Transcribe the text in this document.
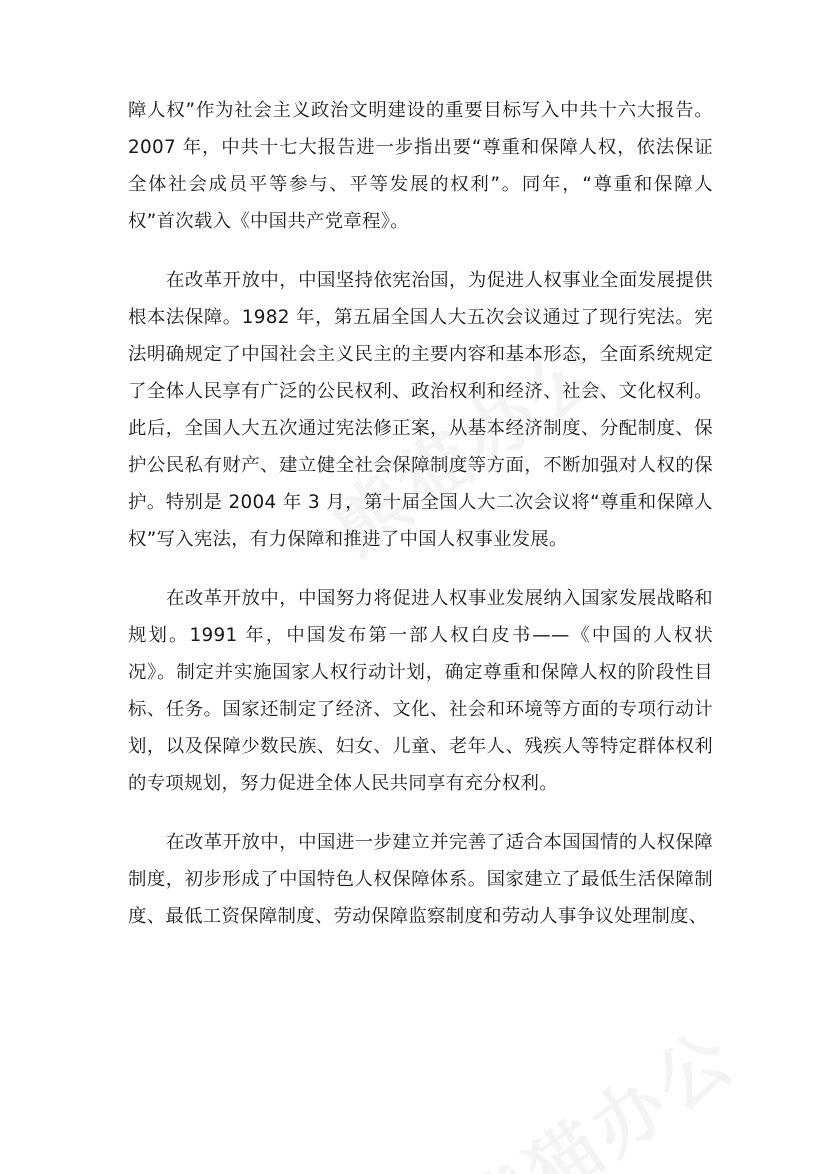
障人权”作为社会主义政治文明建设的重要目标写入中共十六大报告。2007 年，中共十七大报告进一步指出要“尊重和保障人权，依法保证全体社会成员平等参与、平等发展的权利”。同年，“尊重和保障人权”首次载入《中国共产党章程》。

在改革开放中，中国坚持依宪治国，为促进人权事业全面发展提供根本法保障。1982 年，第五届全国人大五次会议通过了现行宪法。宪法明确规定了中国社会主义民主的主要内容和基本形态，全面系统规定了全体人民享有广泛的公民权利、政治权利和经济、社会、文化权利。此后，全国人大五次通过宪法修正案，从基本经济制度、分配制度、保护公民私有财产、建立健全社会保障制度等方面，不断加强对人权的保护。特别是 2004 年 3 月，第十届全国人大二次会议将“尊重和保障人权”写入宪法，有力保障和推进了中国人权事业发展。

在改革开放中，中国努力将促进人权事业发展纳入国家发展战略和规划。1991 年，中国发布第一部人权白皮书——《中国的人权状况》。制定并实施国家人权行动计划，确定尊重和保障人权的阶段性目标、任务。国家还制定了经济、文化、社会和环境等方面的专项行动计划，以及保障少数民族、妇女、儿童、老年人、残疾人等特定群体权利的专项规划，努力促进全体人民共同享有充分权利。

在改革开放中，中国进一步建立并完善了适合本国国情的人权保障制度，初步形成了中国特色人权保障体系。国家建立了最低生活保障制度、最低工资保障制度、劳动保障监察制度和劳动人事争议处理制度、
